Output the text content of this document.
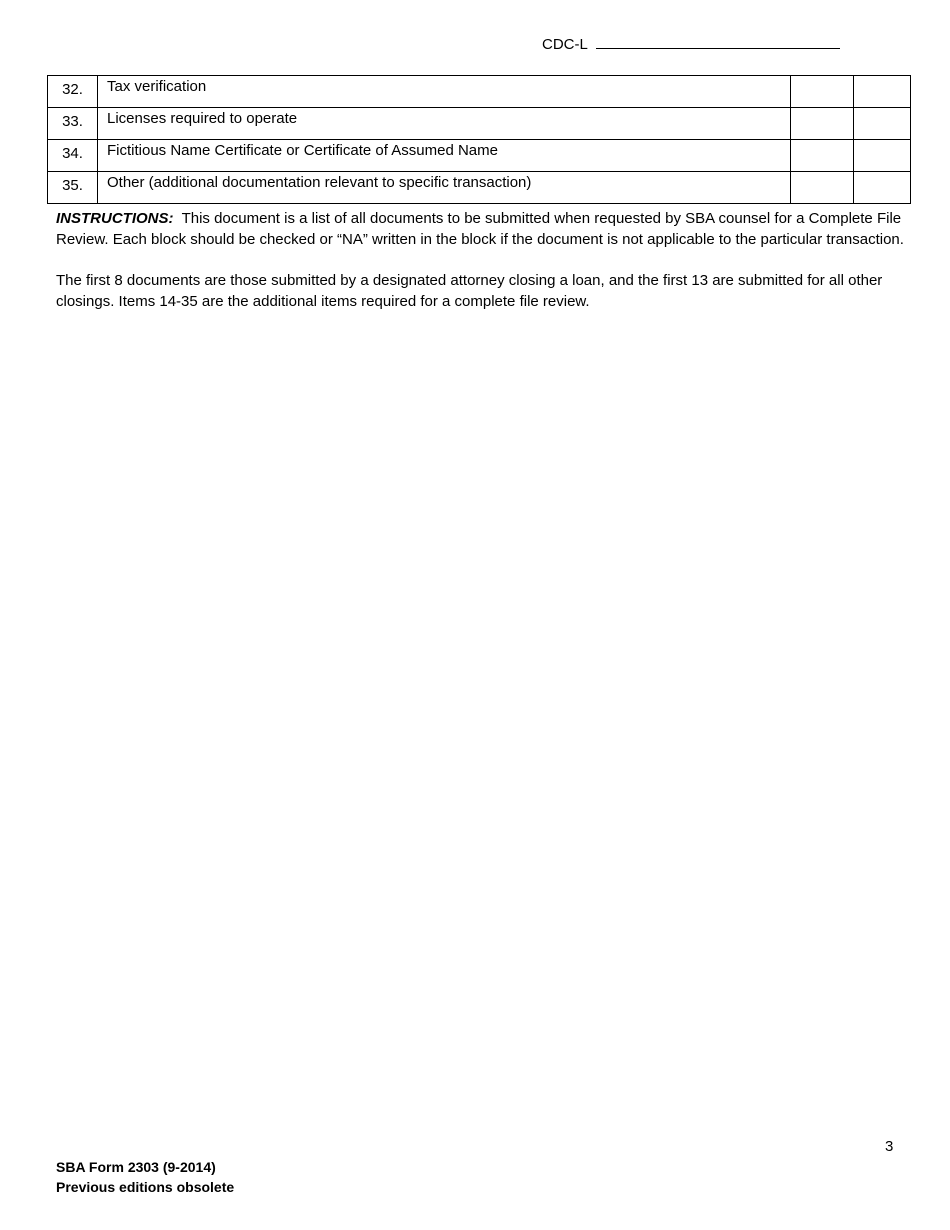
CDC-L
32.	Tax verification		
33.	Licenses required to operate		
34.	Fictitious Name Certificate or Certificate of Assumed Name		
35.	Other (additional documentation relevant to specific transaction)		

INSTRUCTIONS: This document is a list of all documents to be submitted when requested by SBA counsel for a Complete File Review. Each block should be checked or “NA” written in the block if the document is not applicable to the particular transaction.

The first 8 documents are those submitted by a designated attorney closing a loan, and the first 13 are submitted for all other closings. Items 14-35 are the additional items required for a complete file review.

3
SBA Form 2303 (9-2014)
Previous editions obsolete
